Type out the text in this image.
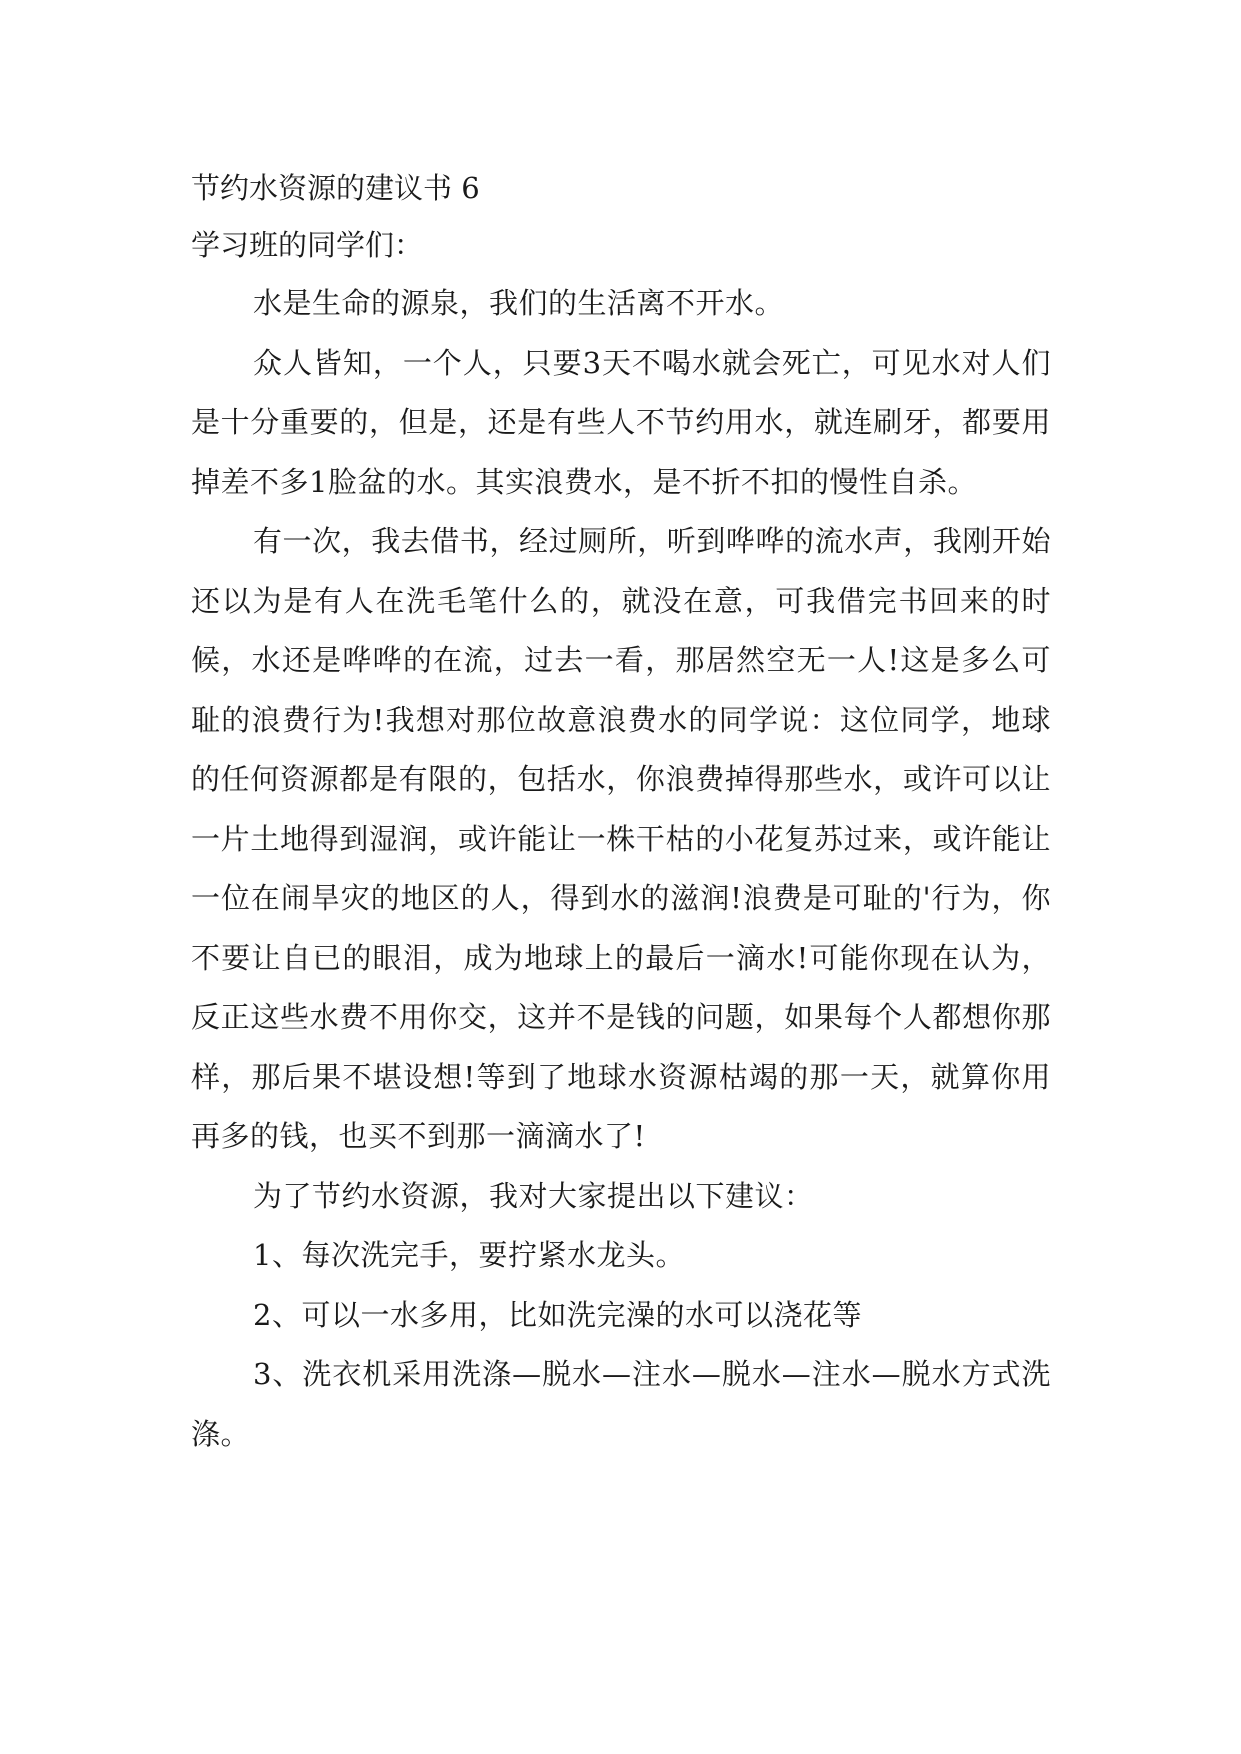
节约水资源的建议书 6

学习班的同学们：

水是生命的源泉，我们的生活离不开水。

众人皆知，一个人，只要3天不喝水就会死亡，可见水对人们是十分重要的，但是，还是有些人不节约用水，就连刷牙，都要用掉差不多1脸盆的水。其实浪费水，是不折不扣的慢性自杀。

有一次，我去借书，经过厕所，听到哗哗的流水声，我刚开始还以为是有人在洗毛笔什么的，就没在意，可我借完书回来的时候，水还是哗哗的在流，过去一看，那居然空无一人!这是多么可耻的浪费行为!我想对那位故意浪费水的同学说：这位同学，地球的任何资源都是有限的，包括水，你浪费掉得那些水，或许可以让一片土地得到湿润，或许能让一株干枯的小花复苏过来，或许能让一位在闹旱灾的地区的人，得到水的滋润!浪费是可耻的'行为，你不要让自已的眼泪，成为地球上的最后一滴水!可能你现在认为，反正这些水费不用你交，这并不是钱的问题，如果每个人都想你那样，那后果不堪设想!等到了地球水资源枯竭的那一天，就算你用再多的钱，也买不到那一滴滴水了!

为了节约水资源，我对大家提出以下建议：

1、每次洗完手，要拧紧水龙头。

2、可以一水多用，比如洗完澡的水可以浇花等

3、洗衣机采用洗涤—脱水—注水—脱水—注水—脱水方式洗涤。
